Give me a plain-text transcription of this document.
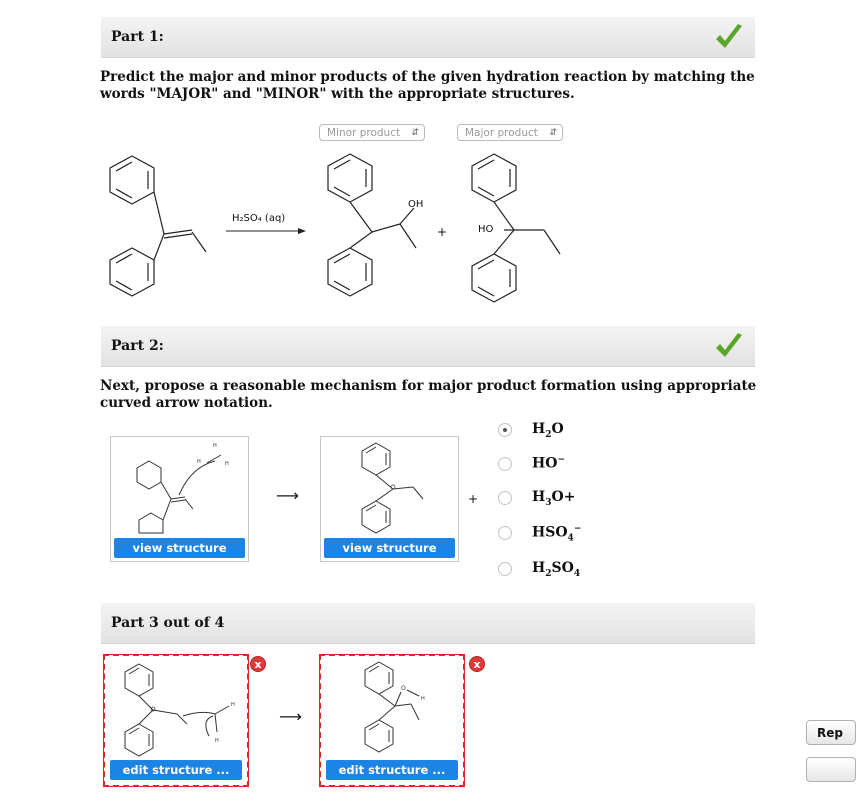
Part 1:
Predict the major and minor products of the given hydration reaction by matching the words "MAJOR" and "MINOR" with the appropriate structures.
Minor product ⇵	Major product ⇵
H₂SO₄ (aq)
OH
+	HO
Part 2:
Next, propose a reasonable mechanism for major product formation using appropriate curved arrow notation.
H
H	H
view structure
⟶
view structure
+
$H_2O$
HO−
$H_3O+$
$HSO_4^-$
$H_2SO_4$
Part 3 out of 4
H
H
edit structure ...
x
⟶
O
H
edit structure ...
x
Rep
